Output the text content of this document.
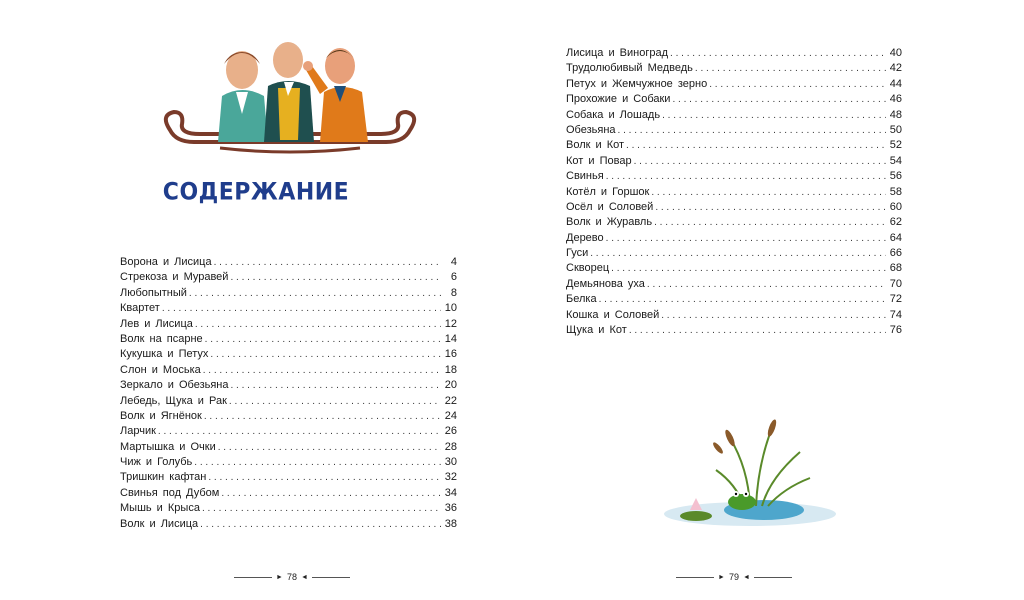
СОДЕРЖАНИЕ
Ворона и Лисица . . .	4
Стрекоза и Муравей . . .	6
Любопытный . . .	8
Квартет . . .	10
Лев и Лисица . . .	12
Волк на псарне . . .	14
Кукушка и Петух . . .	16
Слон и Моська . . .	18
Зеркало и Обезьяна . . .	20
Лебедь, Щука и Рак . . .	22
Волк и Ягнёнок . . .	24
Ларчик . . .	26
Мартышка и Очки . . .	28
Чиж и Голубь . . .	30
Тришкин кафтан . . .	32
Свинья под Дубом . . .	34
Мышь и Крыса . . .	36
Волк и Лисица . . .	38
► 78 ◄
Лисица и Виноград . . .	40
Трудолюбивый Медведь . . .	42
Петух и Жемчужное зерно . . .	44
Прохожие и Собаки . . .	46
Собака и Лошадь . . .	48
Обезьяна . . .	50
Волк и Кот . . .	52
Кот и Повар . . .	54
Свинья . . .	56
Котёл и Горшок . . .	58
Осёл и Соловей . . .	60
Волк и Журавль . . .	62
Дерево . . .	64
Гуси . . .	66
Скворец . . .	68
Демьянова уха . . .	70
Белка . . .	72
Кошка и Соловей . . .	74
Щука и Кот . . .	76
► 79 ◄
